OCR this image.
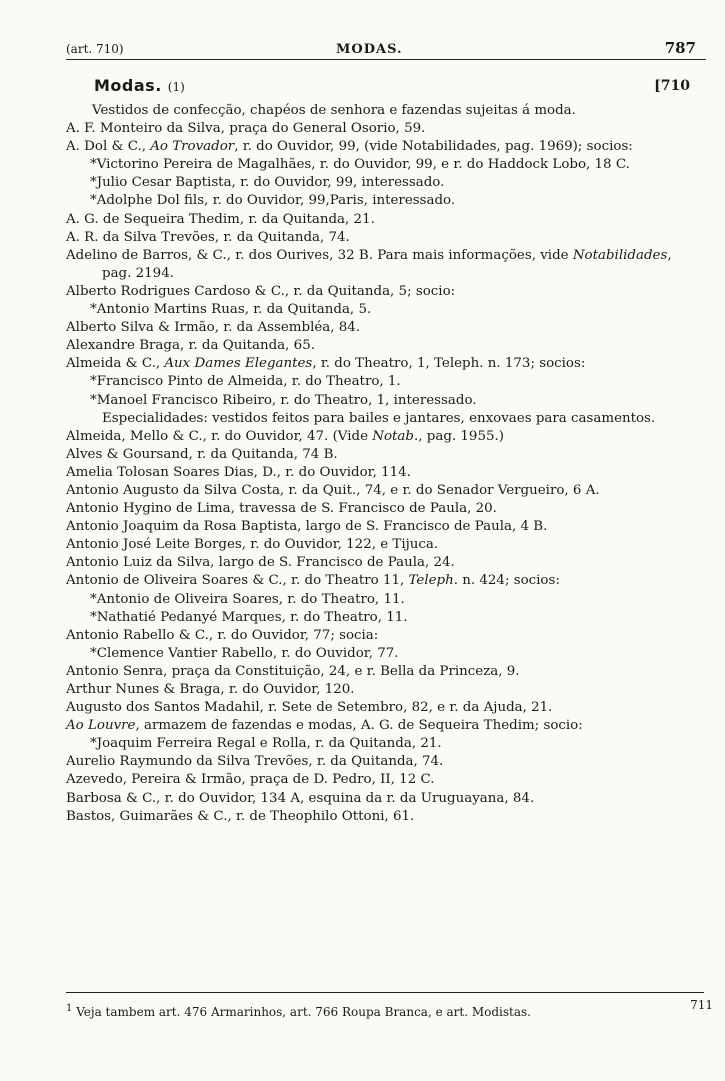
(art. 710)	MODAS.	787
Modas. (1)	[710
Vestidos de confecção, chapéos de senhora e fazendas sujeitas á moda.
A. F. Monteiro da Silva, praça do General Osorio, 59.
A. Dol & C., Ao Trovador, r. do Ouvidor, 99, (vide Notabilidades, pag. 1969); socios:
*Victorino Pereira de Magalhães, r. do Ouvidor, 99, e r. do Haddock Lobo, 18 C.
*Julio Cesar Baptista, r. do Ouvidor, 99, interessado.
*Adolphe Dol fils, r. do Ouvidor, 99,Paris, interessado.
A. G. de Sequeira Thedim, r. da Quitanda, 21.
A. R. da Silva Trevões, r. da Quitanda, 74.
Adelino de Barros, & C., r. dos Ourives, 32 B. Para mais informações, vide Notabilidades, pag. 2194.
Alberto Rodrigues Cardoso & C., r. da Quitanda, 5; socio:
*Antonio Martins Ruas, r. da Quitanda, 5.
Alberto Silva & Irmão, r. da Assembléa, 84.
Alexandre Braga, r. da Quitanda, 65.
Almeida & C., Aux Dames Elegantes, r. do Theatro, 1, Teleph. n. 173; socios:
*Francisco Pinto de Almeida, r. do Theatro, 1.
*Manoel Francisco Ribeiro, r. do Theatro, 1, interessado.
Especialidades: vestidos feitos para bailes e jantares, enxovaes para casamentos.
Almeida, Mello & C., r. do Ouvidor, 47. (Vide Notab., pag. 1955.)
Alves & Goursand, r. da Quitanda, 74 B.
Amelia Tolosan Soares Dias, D., r. do Ouvidor, 114.
Antonio Augusto da Silva Costa, r. da Quit., 74, e r. do Senador Vergueiro, 6 A.
Antonio Hygino de Lima, travessa de S. Francisco de Paula, 20.
Antonio Joaquim da Rosa Baptista, largo de S. Francisco de Paula, 4 B.
Antonio José Leite Borges, r. do Ouvidor, 122, e Tijuca.
Antonio Luiz da Silva, largo de S. Francisco de Paula, 24.
Antonio de Oliveira Soares & C., r. do Theatro 11, Teleph. n. 424; socios:
*Antonio de Oliveira Soares, r. do Theatro, 11.
*Nathatié Pedanyé Marques, r. do Theatro, 11.
Antonio Rabello & C., r. do Ouvidor, 77; socia:
*Clemence Vantier Rabello, r. do Ouvidor, 77.
Antonio Senra, praça da Constituição, 24, e r. Bella da Princeza, 9.
Arthur Nunes & Braga, r. do Ouvidor, 120.
Augusto dos Santos Madahil, r. Sete de Setembro, 82, e r. da Ajuda, 21.
Ao Louvre, armazem de fazendas e modas, A. G. de Sequeira Thedim; socio:
*Joaquim Ferreira Regal e Rolla, r. da Quitanda, 21.
Aurelio Raymundo da Silva Trevões, r. da Quitanda, 74.
Azevedo, Pereira & Irmão, praça de D. Pedro, II, 12 C.
Barbosa & C., r. do Ouvidor, 134 A, esquina da r. da Uruguayana, 84.
Bastos, Guimarães & C., r. de Theophilo Ottoni, 61.
$^1$ Veja tambem art. 476 Armarinhos, art. 766 Roupa Branca, e art. Modistas.	711
